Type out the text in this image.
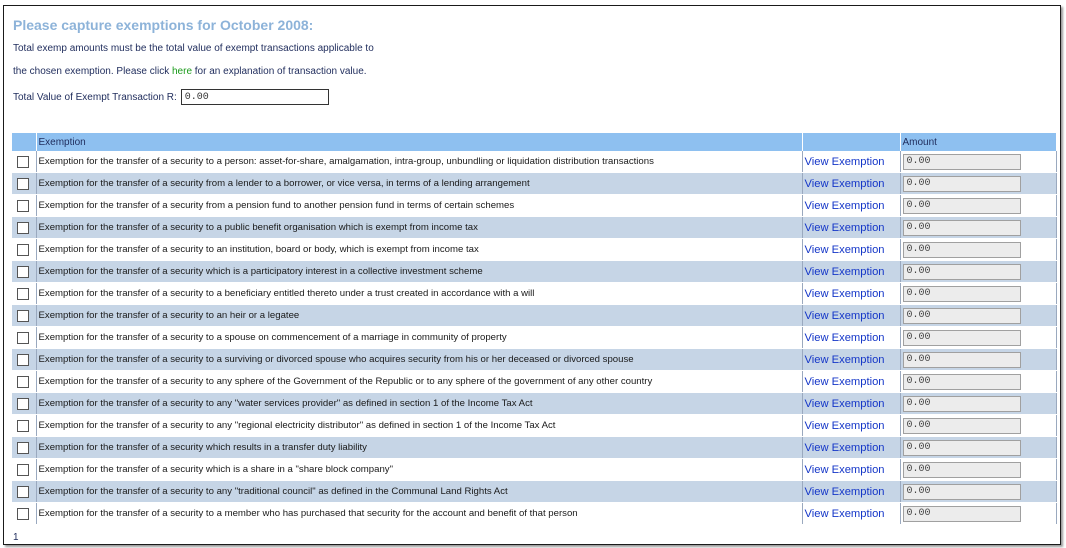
Please capture exemptions for October 2008:
Total exemp amounts must be the total value of exempt transactions applicable to
the chosen exemption. Please click here for an explanation of transaction value.
Total Value of Exempt Transaction R:
0.00
	Exemption		Amount
	Exemption for the transfer of a security to a person: asset-for-share, amalgamation, intra-group, unbundling or liquidation distribution transactions	View Exemption	0.00
	Exemption for the transfer of a security from a lender to a borrower, or vice versa, in terms of a lending arrangement	View Exemption	0.00
	Exemption for the transfer of a security from a pension fund to another pension fund in terms of certain schemes	View Exemption	0.00
	Exemption for the transfer of a security to a public benefit organisation which is exempt from income tax	View Exemption	0.00
	Exemption for the transfer of a security to an institution, board or body, which is exempt from income tax	View Exemption	0.00
	Exemption for the transfer of a security which is a participatory interest in a collective investment scheme	View Exemption	0.00
	Exemption for the transfer of a security to a beneficiary entitled thereto under a trust created in accordance with a will	View Exemption	0.00
	Exemption for the transfer of a security to an heir or a legatee	View Exemption	0.00
	Exemption for the transfer of a security to a spouse on commencement of a marriage in community of property	View Exemption	0.00
	Exemption for the transfer of a security to a surviving or divorced spouse who acquires security from his or her deceased or divorced spouse	View Exemption	0.00
	Exemption for the transfer of a security to any sphere of the Government of the Republic or to any sphere of the government of any other country	View Exemption	0.00
	Exemption for the transfer of a security to any "water services provider" as defined in section 1 of the Income Tax Act	View Exemption	0.00
	Exemption for the transfer of a security to any "regional electricity distributor" as defined in section 1 of the Income Tax Act	View Exemption	0.00
	Exemption for the transfer of a security which results in a transfer duty liability	View Exemption	0.00
	Exemption for the transfer of a security which is a share in a "share block company"	View Exemption	0.00
	Exemption for the transfer of a security to any "traditional council" as defined in the Communal Land Rights Act	View Exemption	0.00
	Exemption for the transfer of a security to a member who has purchased that security for the account and benefit of that person	View Exemption	0.00
1
